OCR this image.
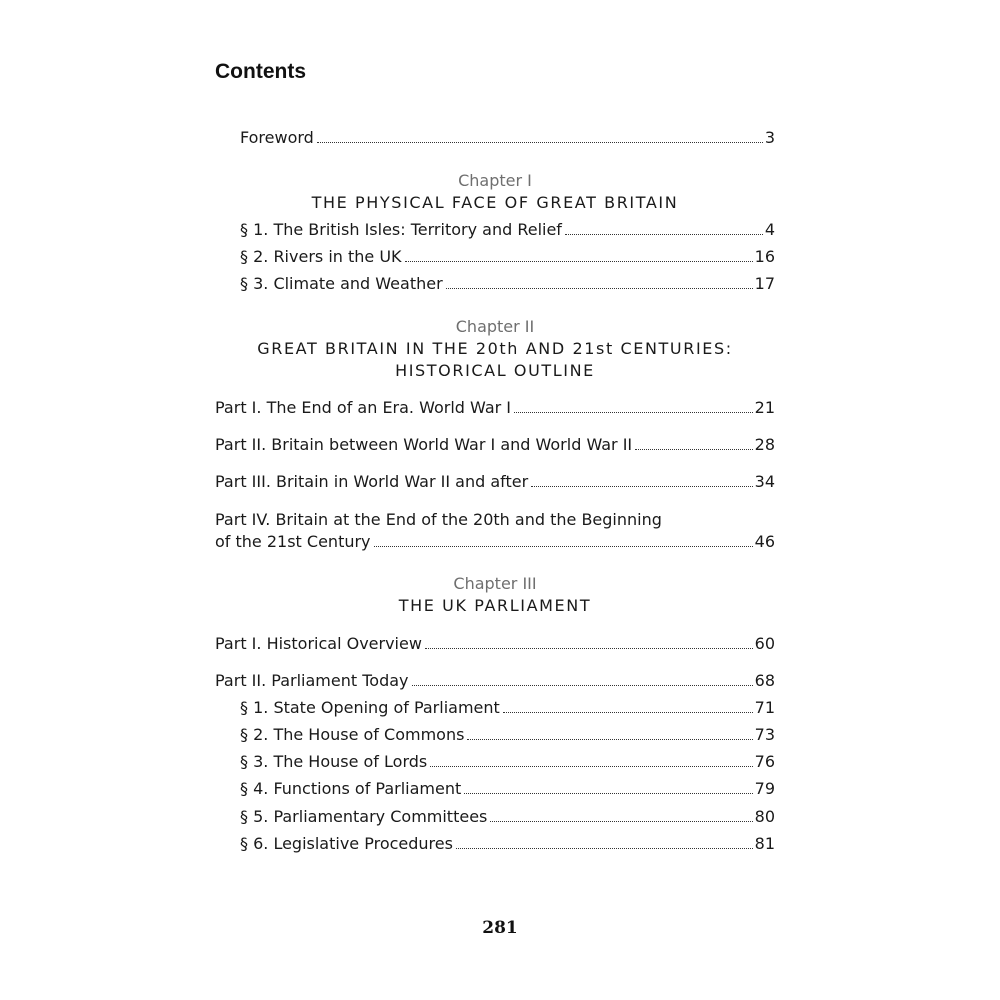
Contents
Foreword	3
Chapter I
THE PHYSICAL FACE OF GREAT BRITAIN
§ 1. The British Isles: Territory and Relief	4
§ 2. Rivers in the UK	16
§ 3. Climate and Weather	17
Chapter II
GREAT BRITAIN IN THE 20th AND 21st CENTURIES:
HISTORICAL OUTLINE
Part I. The End of an Era. World War I	21
Part II. Britain between World War I and World War II	28
Part III. Britain in World War II and after	34
Part IV. Britain at the End of the 20th and the Beginning
of the 21st Century	46
Chapter III
THE UK PARLIAMENT
Part I. Historical Overview	60
Part II. Parliament Today	68
§ 1. State Opening of Parliament	71
§ 2. The House of Commons	73
§ 3. The House of Lords	76
§ 4. Functions of Parliament	79
§ 5. Parliamentary Committees	80
§ 6. Legislative Procedures	81
281
